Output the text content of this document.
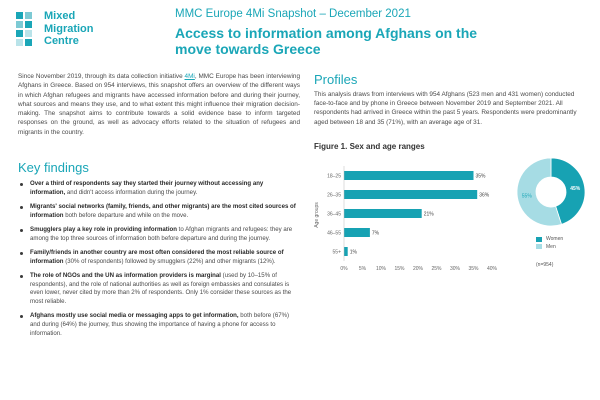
Mixed
Migration
Centre
MMC Europe 4Mi Snapshot – December 2021
Access to information among Afghans on the move towards Greece

Since November 2019, through its data collection initiative 4Mi, MMC Europe has been interviewing Afghans in Greece. Based on 954 interviews, this snapshot offers an overview of the different ways in which Afghan refugees and migrants have accessed information before and during their journey, what sources and means they use, and to what extent this might influence their migration decision-making. The snapshot aims to contribute towards a solid evidence base to inform targeted responses on the ground, as well as advocacy efforts related to the situation of refugees and migrants in the country.

Key findings
Over a third of respondents say they started their journey without accessing any information, and didn't access information during the journey.
Migrants' social networks (family, friends, and other migrants) are the most cited sources of information both before departure and while on the move.
Smugglers play a key role in providing information to Afghan migrants and refugees: they are among the top three sources of information both before departure and during the journey.
Family/friends in another country are most often considered the most reliable source of information (30% of respondents) followed by smugglers (22%) and other migrants (12%).
The role of NGOs and the UN as information providers is marginal (used by 10–15% of respondents), and the role of national authorities as well as foreign embassies and consulates is even lower, never cited by more than 2% of respondents. Only 1% consider these sources as the most reliable.
Afghans mostly use social media or messaging apps to get information, both before (67%) and during (64%) the journey, thus showing the importance of having a phone for access to information.
Profiles

This analysis draws from interviews with 954 Afghans (523 men and 431 women) conducted face-to-face and by phone in Greece between November 2019 and September 2021. All respondents had arrived in Greece within the past 5 years. Respondents were predominantly aged between 18 and 35 (71%), with an average age of 31.

Figure 1. Sex and age ranges
Age groups
18–25	35%
26–35	36%
36–45	21%
46–55	7%
55+ 1%
0% 5% 10% 15% 20% 25% 30% 35% 40%
45%
55%
Women
Men
(n=954)
